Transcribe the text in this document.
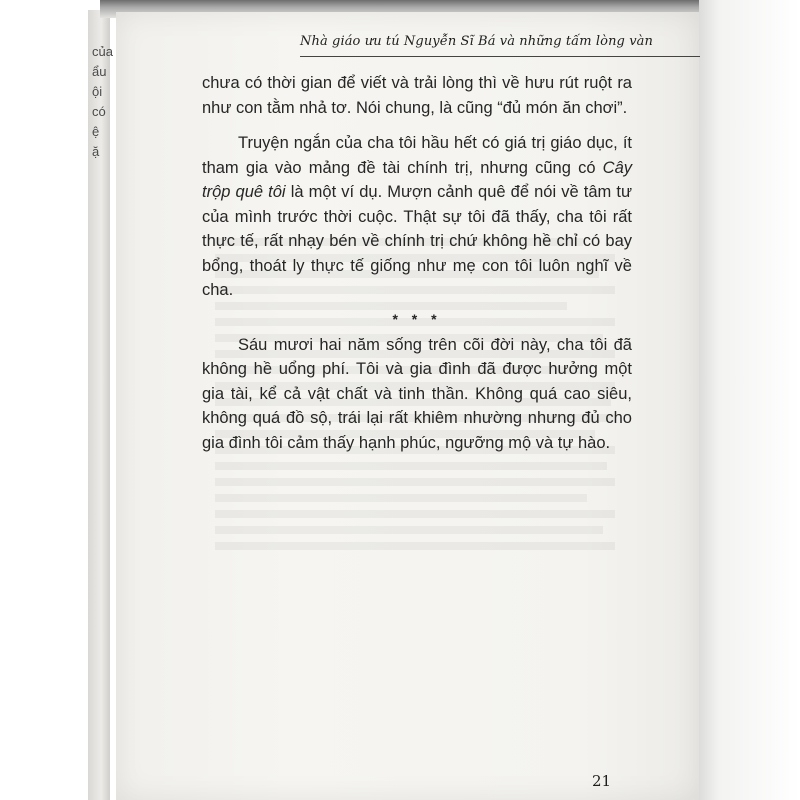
của
ẩu
ội
có
ệ
ặ
Nhà giáo ưu tú Nguyễn Sĩ Bá và những tấm lòng vàn

chưa có thời gian để viết và trải lòng thì về hưu rút ruột ra như con tằm nhả tơ. Nói chung, là cũng “đủ món ăn chơi”.

Truyện ngắn của cha tôi hầu hết có giá trị giáo dục, ít tham gia vào mảng đề tài chính trị, nhưng cũng có Cây trộp quê tôi là một ví dụ. Mượn cảnh quê để nói về tâm tư của mình trước thời cuộc. Thật sự tôi đã thấy, cha tôi rất thực tế, rất nhạy bén về chính trị chứ không hề chỉ có bay bổng, thoát ly thực tế giống như mẹ con tôi luôn nghĩ về cha.

* * *

Sáu mươi hai năm sống trên cõi đời này, cha tôi đã không hề uổng phí. Tôi và gia đình đã được hưởng một gia tài, kể cả vật chất và tinh thần. Không quá cao siêu, không quá đồ sộ, trái lại rất khiêm nhường nhưng đủ cho gia đình tôi cảm thấy hạnh phúc, ngưỡng mộ và tự hào.

21
